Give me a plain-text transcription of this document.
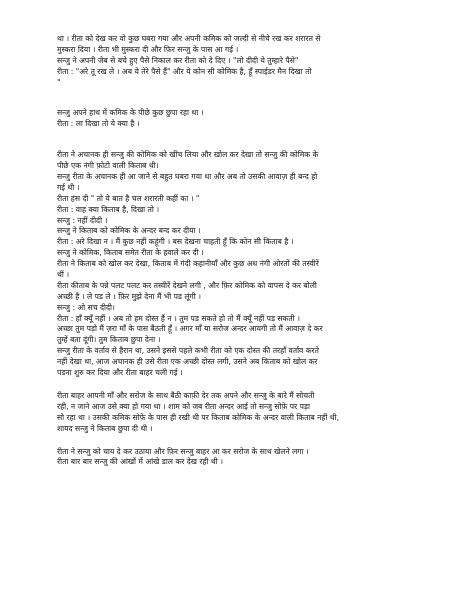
था । रीता को देख कर वो कुछ घबरा गया और अपनी कमिक को जल्दी से नीचे रख कर शरारत से
मुस्करा दिया । रीता भी मुस्करा दी और फ़िर सन्जु के पास आ गई ।
सन्जु ने अपनी जेब से बचे हुए पैसे निकाल कर रीता को दे दिए । "लो दीदी ये तुम्हारे पैसे"
रीता : "अरे तू रख ले । अब ये तेरे पैसे हैं" और ये कोन सी कोमिक है, हूँ स्पाईडर मैन दिखा तो
"
सन्जु अपने हाथ में कमिक के पीछे कुछ छुपा रहा था ।
रीता : ला दिखा तो ये क्या है ।
रीता ने अचानक ही सन्जु की कोमिक को खींच लिया और खोल कर देखा तो सन्जु की कोमिक के
पीछे एक नंगी फ़ोटो वाली किताब थी।
सन्जु रीता के अचानक ही आ जाने से बहुत घबरा गया था और अब तो उसकी आवाज़ ही बन्द हो
गई थी ।
रीता हंस दी " तो ये बात है चल शरारती कहीं का । "
रीता : वाह क्या किताब है, दिखा तो ।
सन्जु : नहीं दीदी ।
सन्जु ने किताब को कोमिक के अन्दर बन्द कर दीया ।
रीता : अरे दिखा न । मैं कुछ नहीं कहूंगी । बस देखना चाहती हूँ कि कोन सी किताब है ।
सन्जु ने कोमिक, किताब समेत रीता के हवाले कर दी ।
रीता ने किताब को खोल कर देखा, किताब में गंदी कहानीयाँ और कुछ अध नंगी ओरतों की तस्वीरें
थीं ।
रीता कीताब के पन्ने पलट पलट कर तस्वीरें देखने लगी , और फ़िर कोमिक को वापस दे कर बोली
अच्छी है । ले पड ले । फ़िर मुझे देना मैं भी पड लूंगी ।
सन्जु : ओ सच दीदी।
रीता : हाँ क्यूँ नहीं । अब तो हम दोस्त हैं न । तुम पड सकते हो तो मैं क्यूँ नहीं पड सकती ।
अच्छा तुम पड़ो मैं ज़रा माँ के पास बैठती हूँ । अगर माँ या सरोज अन्दर आयगी तो मैं आवाज़ दे कर
तुम्हें बता दूंगी। तुम किताब छुपा देना ।
सन्जु रीता के वर्ताव से हैरान था, उसने इससे पहले कभी रीता को एक दोस्त की तरहाँ वर्ताव करते
नहीं देखा था, आज अचानक ही उसे रीता एक अच्छी दोस्त लगी, उसने अब किताब को खोल कर
पडना शुरु कर दिया और रीता बाहर चली गई ।
रीता बाहर आपनी माँ और सरोज के साथ बैठी काफ़ी देर तक अपने और सन्जु के बारे मैं सोचती
रही, न जाने आज उसे क्या हो गया था । शाम को जब रीता अन्दर आई तो सन्जु सोफ़े पर पड़ा
सो रहा था । उसकी कमिक सोफ़े के पास ही रखी थी पर किताब कोमिक के अन्दर वाली किताब नहीं थी,
शायद सन्जु ने किताब छुपा दी थी ।
रीता ने सन्जु को चाय दे कर उठाया और फ़िर सन्जु बाहर आ कर सरोज के साथ खेलने लगा ।
रीता बार बार सन्जु की आंखों में आंखे डाल कर देख रही थी ।
